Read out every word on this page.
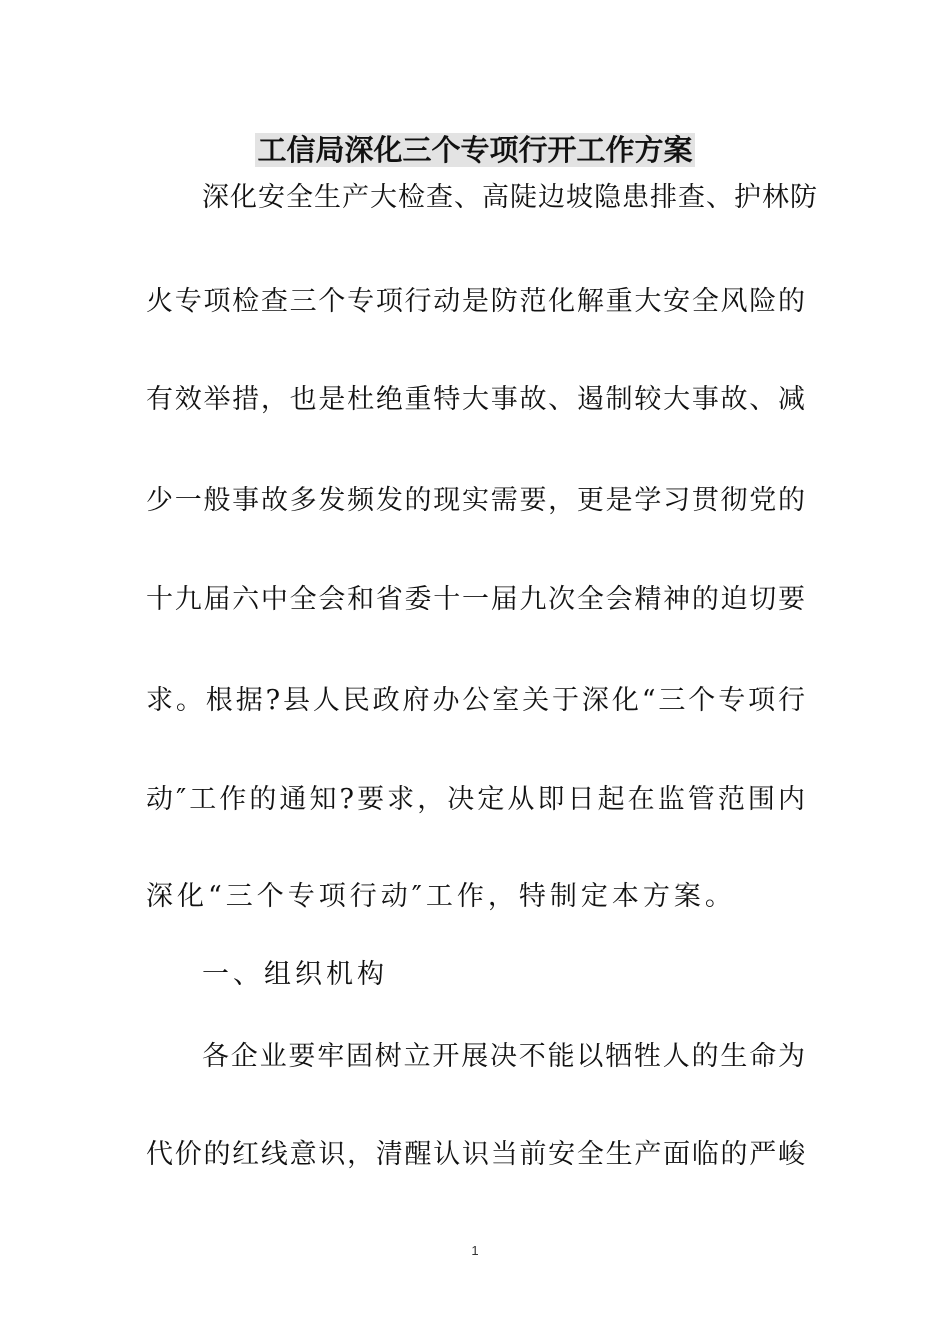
工信局深化三个专项行开工作方案
深化安全生产大检查、高陡边坡隐患排查、护林防
火专项检查三个专项行动是防范化解重大安全风险的
有效举措，也是杜绝重特大事故、遏制较大事故、减
少一般事故多发频发的现实需要，更是学习贯彻党的
十九届六中全会和省委十一届九次全会精神的迫切要
求。根据?县人民政府办公室关于深化“三个专项行
动″工作的通知?要求，决定从即日起在监管范围内
深化“三个专项行动″工作，特制定本方案。
一、组织机构
各企业要牢固树立开展决不能以牺牲人的生命为
代价的红线意识，清醒认识当前安全生产面临的严峻
1
